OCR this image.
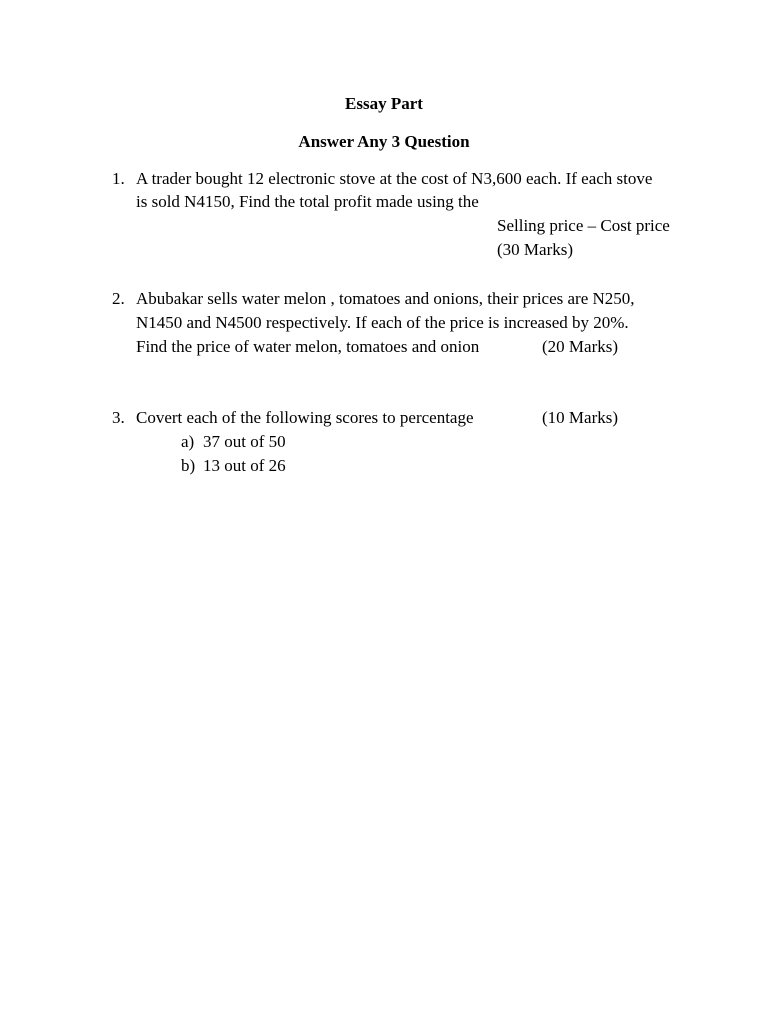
Essay Part
Answer Any 3 Question
1. A trader bought 12 electronic stove at the cost of N3,600 each. If each stove
is sold N4150, Find the total profit made using the
Selling price – Cost price
(30 Marks)
2. Abubakar sells water melon , tomatoes and onions, their prices are N250,
N1450 and N4500 respectively. If each of the price is increased by 20%.
Find the price of water melon, tomatoes and onion	(20 Marks)
3. Covert each of the following scores to percentage	(10 Marks)
a) 37 out of 50
b) 13 out of 26
